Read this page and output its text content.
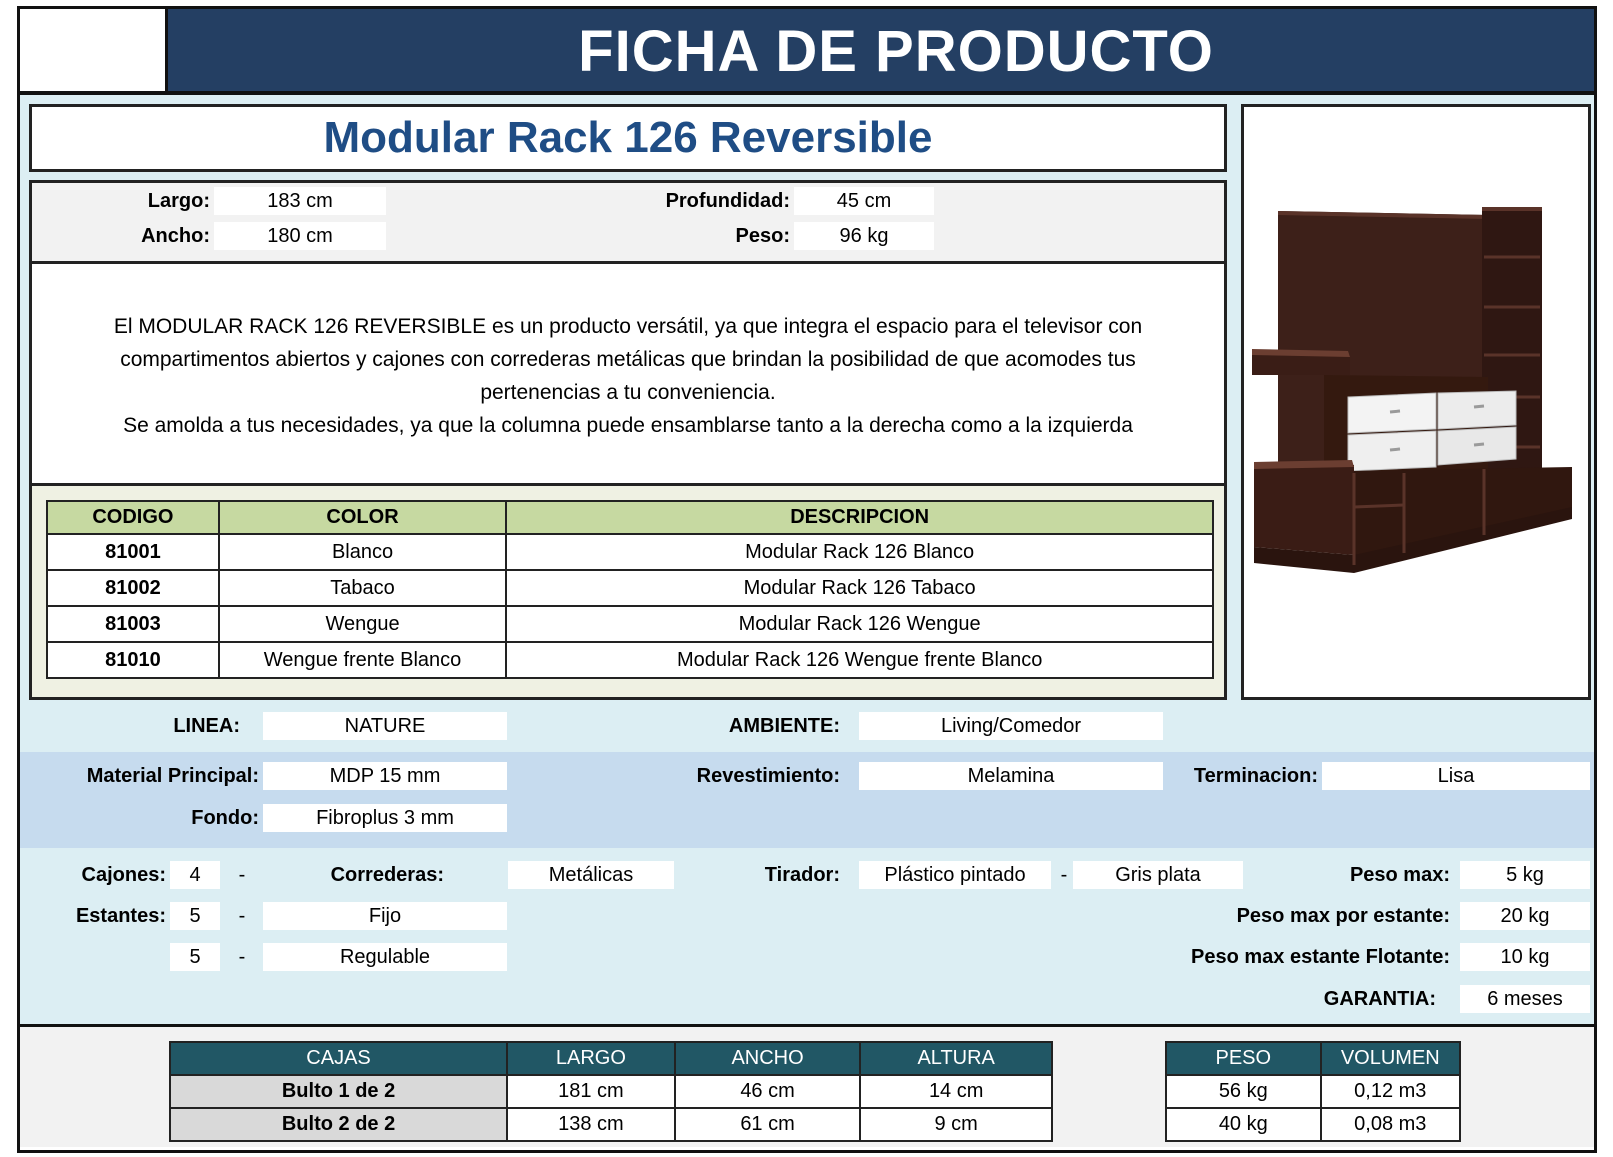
FICHA DE PRODUCTO
Modular Rack 126 Reversible
Largo:	183 cm
Ancho:	180 cm
Profundidad:	45 cm
Peso:	96 kg
El MODULAR RACK 126 REVERSIBLE es un producto versátil, ya que integra el espacio para el televisor con
compartimentos abiertos y cajones con correderas metálicas que brindan la posibilidad de que acomodes tus
pertenencias a tu conveniencia.
Se amolda a tus necesidades, ya que la columna puede ensamblarse tanto a la derecha como a la izquierda
CODIGO	COLOR	DESCRIPCION
81001	Blanco	Modular Rack 126 Blanco
81002	Tabaco	Modular Rack 126 Tabaco
81003	Wengue	Modular Rack 126 Wengue
81010	Wengue frente Blanco	Modular Rack 126 Wengue frente Blanco
LINEA:	NATURE	AMBIENTE:	Living/Comedor
Material Principal:	MDP 15 mm	Revestimiento:	Melamina	Terminacion:	Lisa
Fondo:	Fibroplus 3 mm
Cajones:	4	-	Correderas:	Metálicas	Tirador:	Plástico pintado	-	Gris plata	Peso max:	5 kg
Estantes:	5	-	Fijo	Peso max por estante:	20 kg
5	-	Regulable	Peso max estante Flotante:	10 kg
GARANTIA:	6 meses
CAJAS	LARGO	ANCHO	ALTURA
Bulto 1 de 2	181 cm	46 cm	14 cm
Bulto 2 de 2	138 cm	61 cm	9 cm
PESO	VOLUMEN
56 kg	0,12 m3
40 kg	0,08 m3
